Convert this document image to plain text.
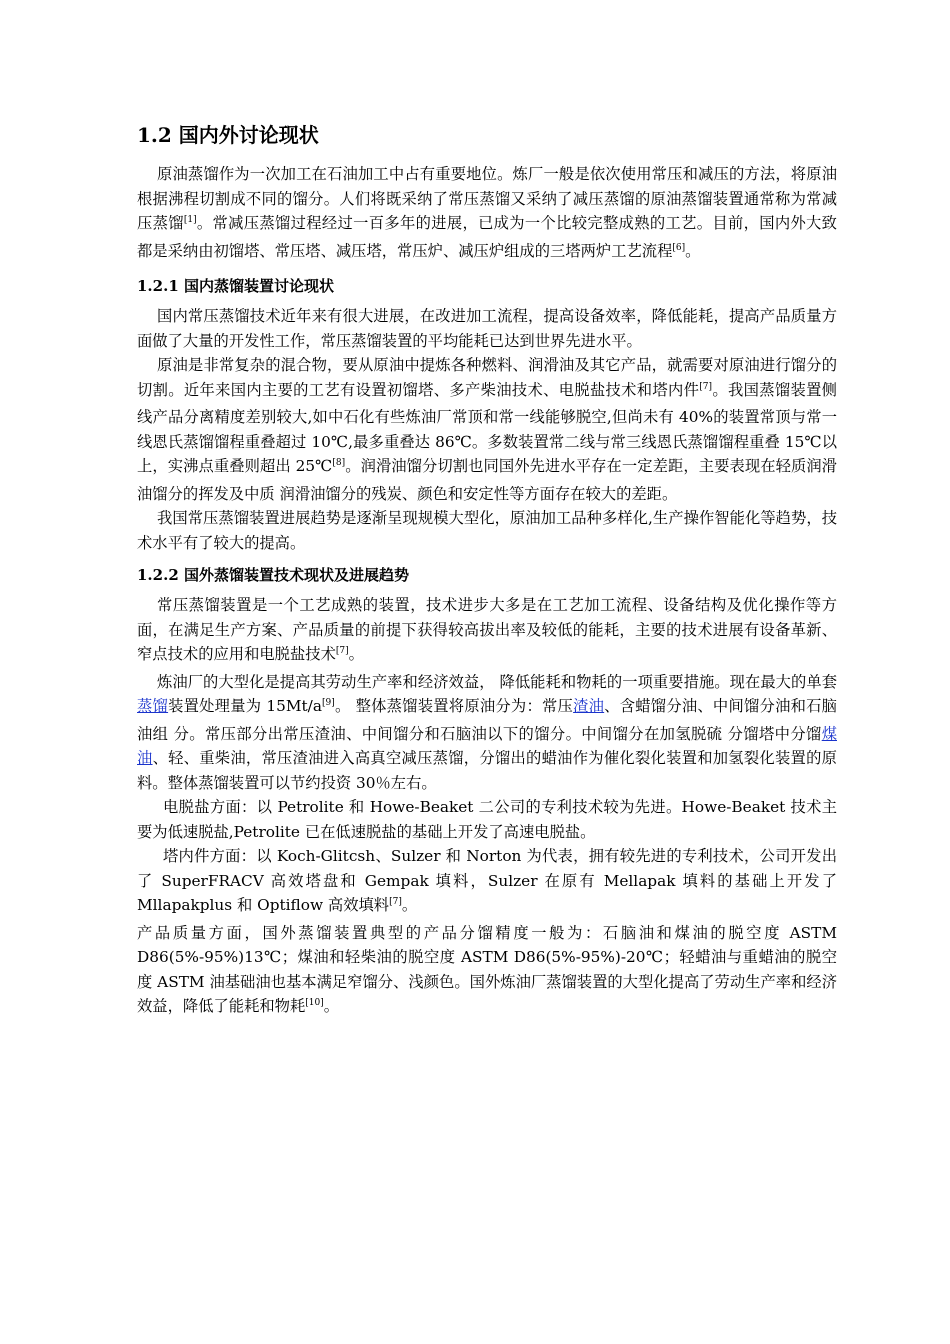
1.2 国内外讨论现状

原油蒸馏作为一次加工在石油加工中占有重要地位。炼厂一般是依次使用常压和减压的方法，将原油根据沸程切割成不同的馏分。人们将既采纳了常压蒸馏又采纳了减压蒸馏的原油蒸馏装置通常称为常减压蒸馏[1]。常减压蒸馏过程经过一百多年的进展，已成为一个比较完整成熟的工艺。目前，国内外大致都是采纳由初馏塔、常压塔、减压塔，常压炉、减压炉组成的三塔两炉工艺流程[6]。

1.2.1 国内蒸馏装置讨论现状

国内常压蒸馏技术近年来有很大进展，在改进加工流程，提高设备效率，降低能耗，提高产品质量方面做了大量的开发性工作，常压蒸馏装置的平均能耗已达到世界先进水平。

原油是非常复杂的混合物，要从原油中提炼各种燃料、润滑油及其它产品，就需要对原油进行馏分的切割。近年来国内主要的工艺有设置初馏塔、多产柴油技术、电脱盐技术和塔内件[7]。我国蒸馏装置侧线产品分离精度差别较大,如中石化有些炼油厂常顶和常一线能够脱空,但尚未有 40%的装置常顶与常一线恩氏蒸馏馏程重叠超过 10℃,最多重叠达 86℃。多数装置常二线与常三线恩氏蒸馏馏程重叠 15℃以上，实沸点重叠则超出 25℃[8]。润滑油馏分切割也同国外先进水平存在一定差距，主要表现在轻质润滑油馏分的挥发及中质 润滑油馏分的残炭、颜色和安定性等方面存在较大的差距。

我国常压蒸馏装置进展趋势是逐渐呈现规模大型化，原油加工品种多样化,生产操作智能化等趋势，技术水平有了较大的提高。

1.2.2 国外蒸馏装置技术现状及进展趋势

常压蒸馏装置是一个工艺成熟的装置，技术进步大多是在工艺加工流程、设备结构及优化操作等方面，在满足生产方案、产品质量的前提下获得较高拔出率及较低的能耗，主要的技术进展有设备革新、窄点技术的应用和电脱盐技术[7]。

炼油厂的大型化是提高其劳动生产率和经济效益， 降低能耗和物耗的一项重要措施。现在最大的单套蒸馏装置处理量为 15Mt/a[9]。 整体蒸馏装置将原油分为：常压渣油、含蜡馏分油、中间馏分油和石脑油组 分。常压部分出常压渣油、中间馏分和石脑油以下的馏分。中间馏分在加氢脱硫 分馏塔中分馏煤油、轻、重柴油，常压渣油进入高真空减压蒸馏，分馏出的蜡油作为催化裂化装置和加氢裂化装置的原料。整体蒸馏装置可以节约投资 30％左右。

电脱盐方面：以 Petrolite 和 Howe-Beaket 二公司的专利技术较为先进。Howe-Beaket 技术主要为低速脱盐,Petrolite 已在低速脱盐的基础上开发了高速电脱盐。

塔内件方面：以 Koch-Glitcsh、Sulzer 和 Norton 为代表，拥有较先进的专利技术，公司开发出了 SuperFRACV 高效塔盘和 Gempak 填料，Sulzer 在原有 Mellapak 填料的基础上开发了 Mllapakplus 和 Optiflow 高效填料[7]。

产品质量方面，国外蒸馏装置典型的产品分馏精度一般为：石脑油和煤油的脱空度 ASTM D86(5%-95%)13℃；煤油和轻柴油的脱空度 ASTM D86(5%-95%)-20℃；轻蜡油与重蜡油的脱空度 ASTM 油基础油也基本满足窄馏分、浅颜色。国外炼油厂蒸馏装置的大型化提高了劳动生产率和经济效益，降低了能耗和物耗[10]。
